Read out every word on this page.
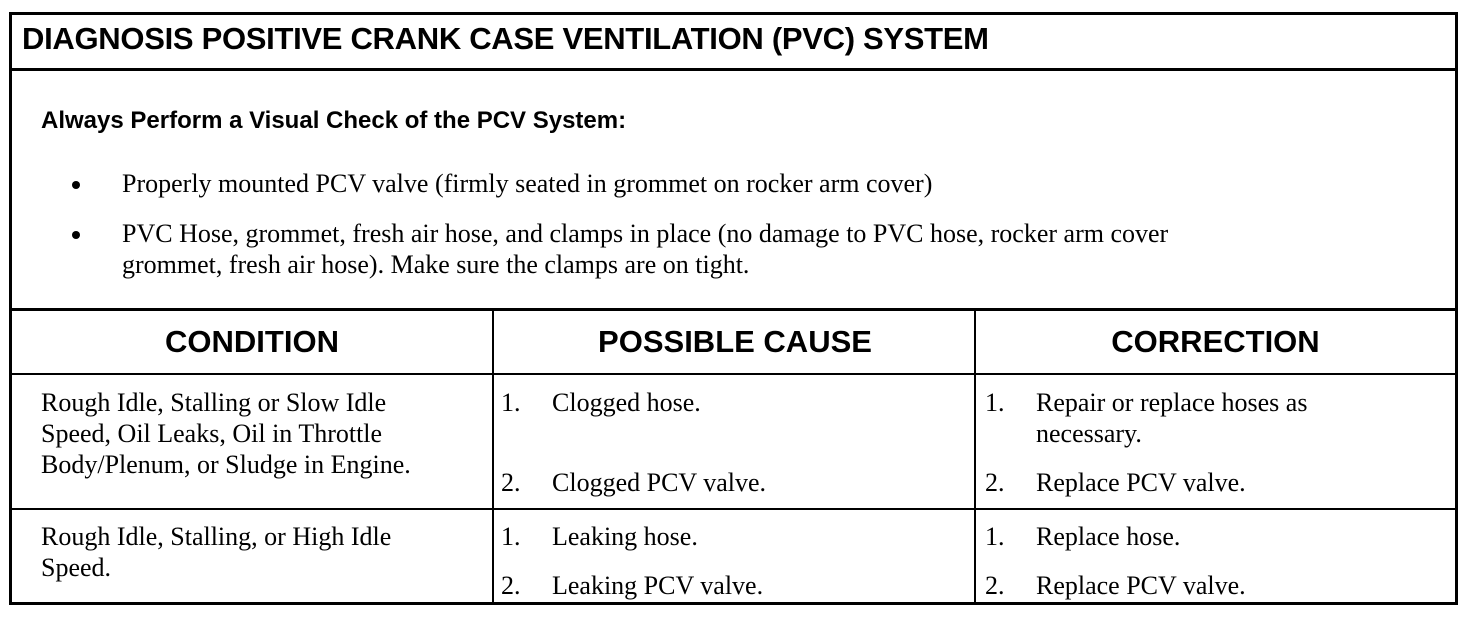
DIAGNOSIS POSITIVE CRANK CASE VENTILATION (PVC) SYSTEM
Always Perform a Visual Check of the PCV System:
Properly mounted PCV valve (firmly seated in grommet on rocker arm cover)
PVC Hose, grommet, fresh air hose, and clamps in place (no damage to PVC hose, rocker arm cover
grommet, fresh air hose). Make sure the clamps are on tight.
CONDITION	POSSIBLE CAUSE	CORRECTION
Rough Idle, Stalling or Slow Idle
Speed, Oil Leaks, Oil in Throttle
Body/Plenum, or Sludge in Engine.
1. Clogged hose.
2. Clogged PCV valve.
1. Repair or replace hoses as
necessary.
2. Replace PCV valve.
Rough Idle, Stalling, or High Idle
Speed.
1. Leaking hose.
2. Leaking PCV valve.
1. Replace hose.
2. Replace PCV valve.
